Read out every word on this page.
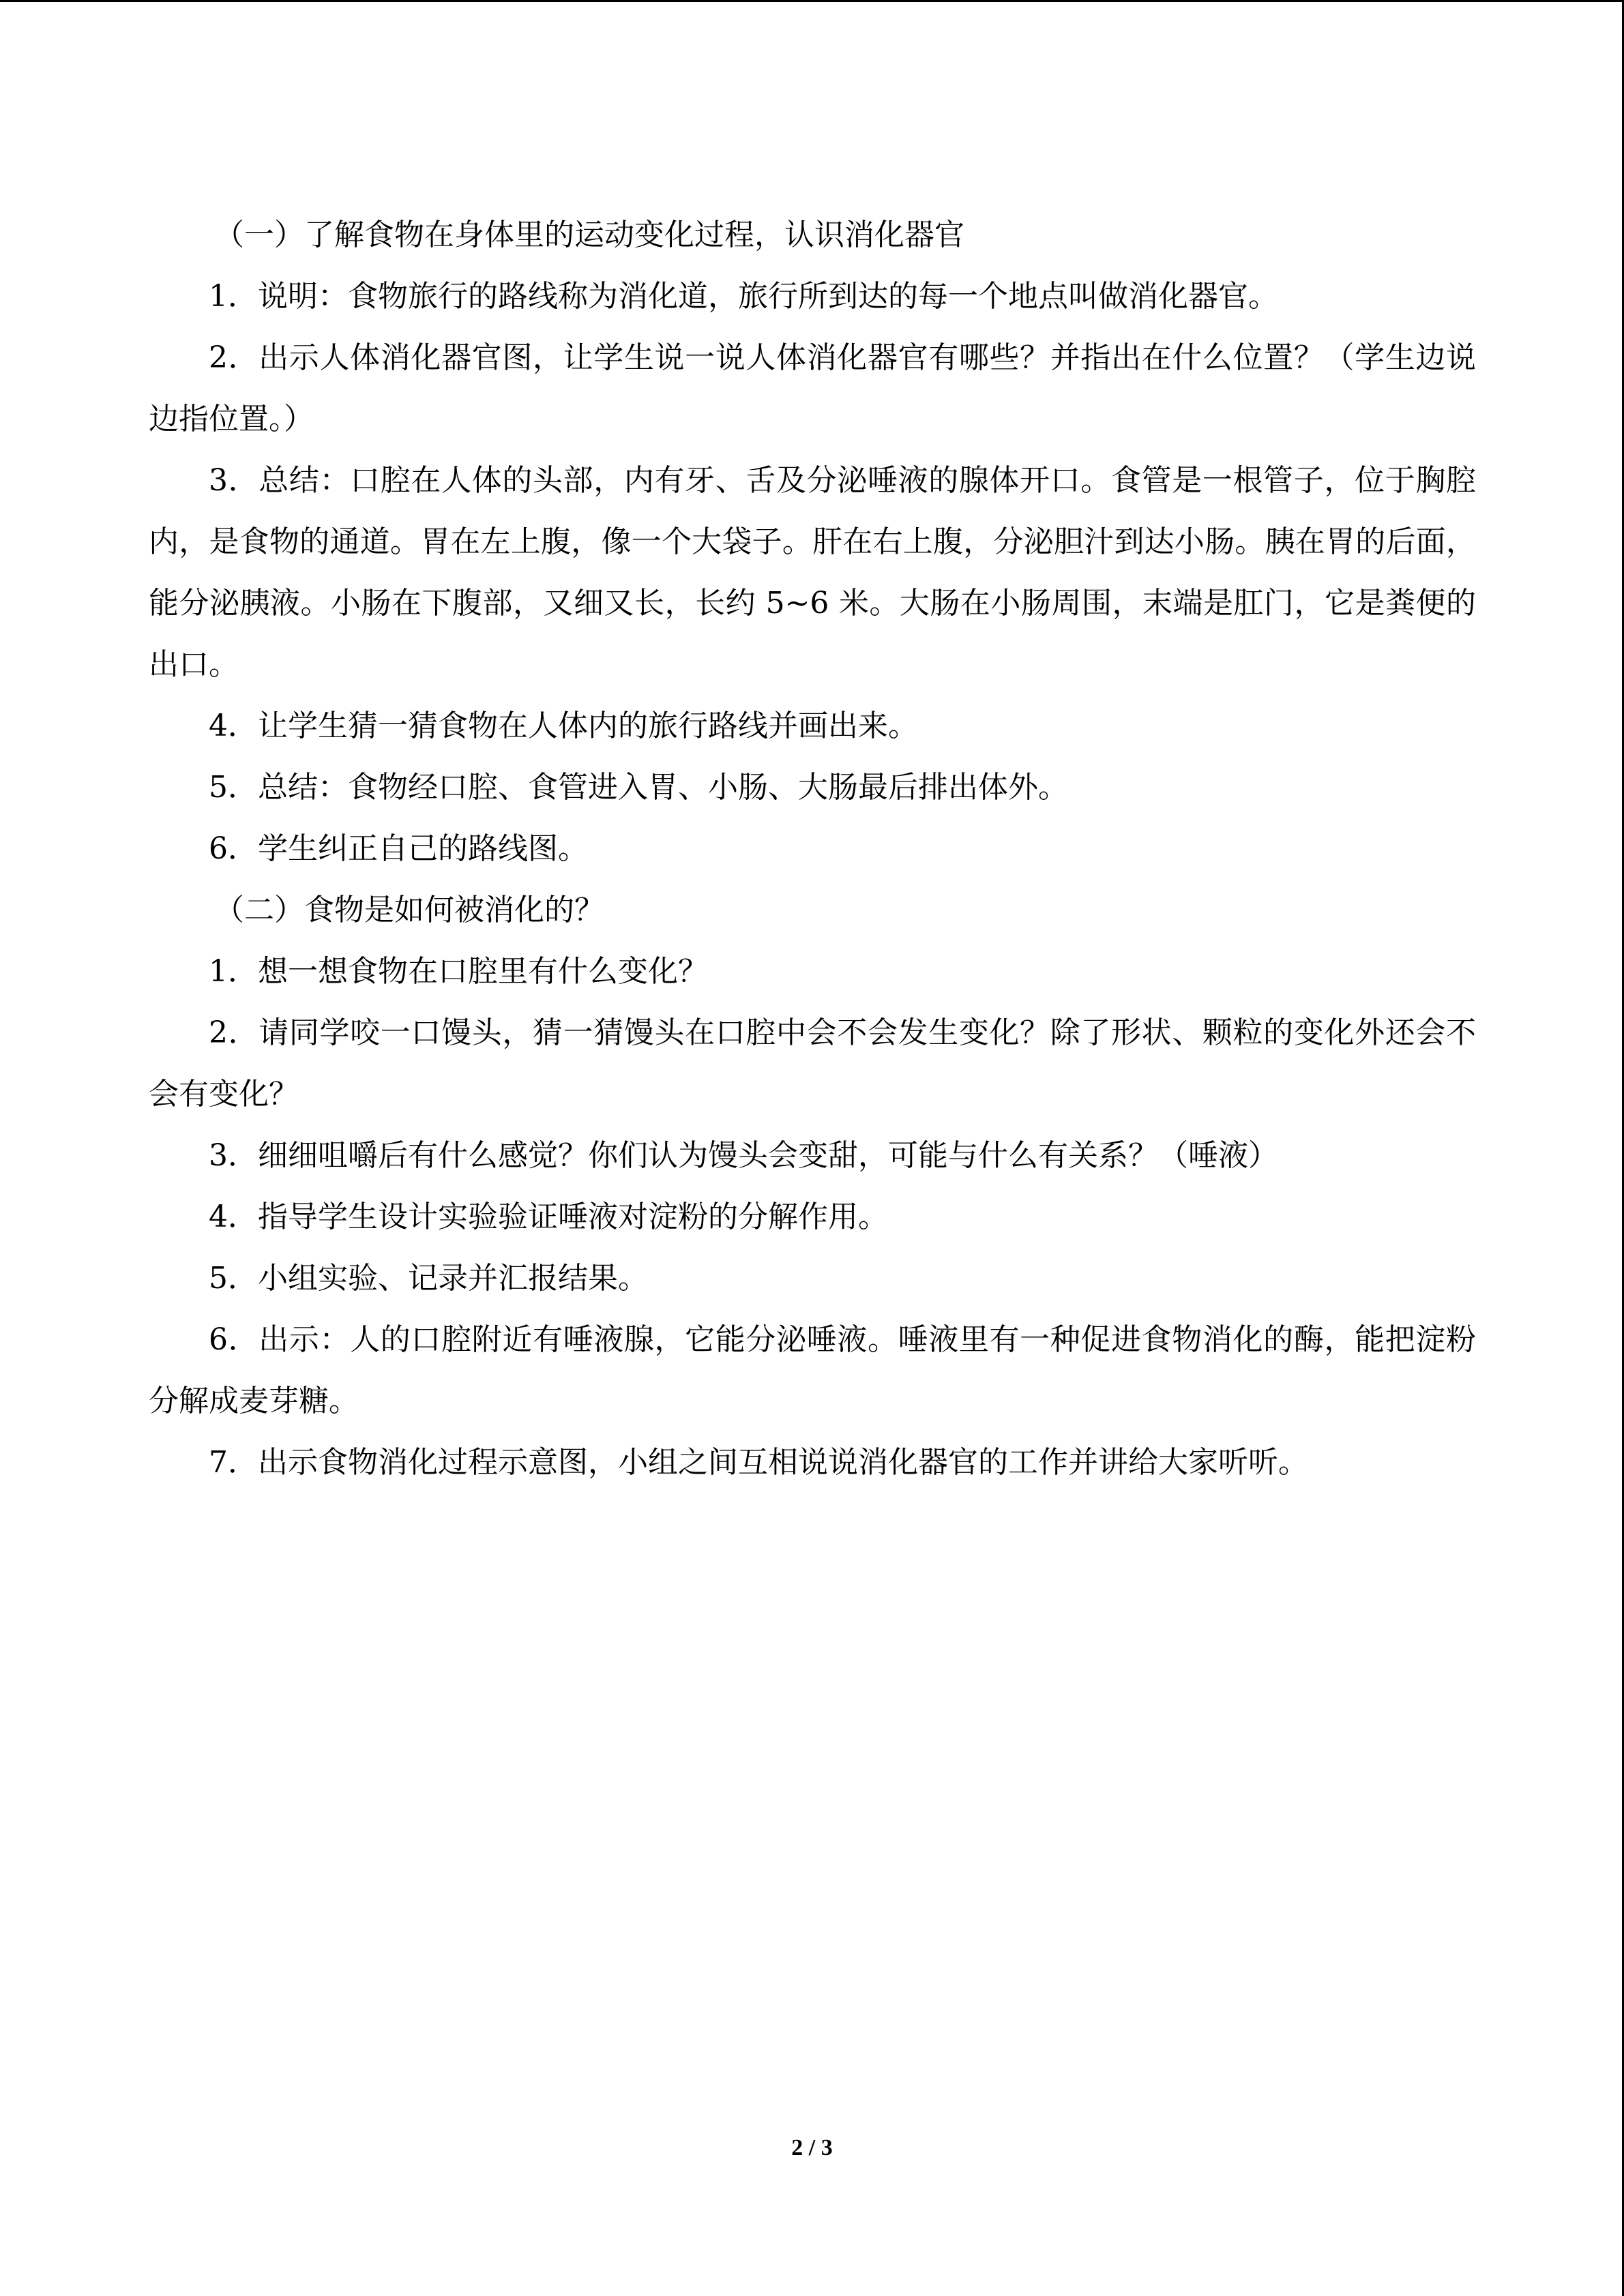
（一）了解食物在身体里的运动变化过程，认识消化器官

1．说明：食物旅行的路线称为消化道，旅行所到达的每一个地点叫做消化器官。

2．出示人体消化器官图，让学生说一说人体消化器官有哪些？并指出在什么位置？（学生边说边指位置。）

3．总结：口腔在人体的头部，内有牙、舌及分泌唾液的腺体开口。食管是一根管子，位于胸腔内，是食物的通道。胃在左上腹，像一个大袋子。肝在右上腹，分泌胆汁到达小肠。胰在胃的后面，能分泌胰液。小肠在下腹部，又细又长，长约 5~6 米。大肠在小肠周围，末端是肛门，它是粪便的出口。

4．让学生猜一猜食物在人体内的旅行路线并画出来。

5．总结：食物经口腔、食管进入胃、小肠、大肠最后排出体外。

6．学生纠正自己的路线图。

（二）食物是如何被消化的？

1．想一想食物在口腔里有什么变化？

2．请同学咬一口馒头，猜一猜馒头在口腔中会不会发生变化？除了形状、颗粒的变化外还会不会有变化？

3．细细咀嚼后有什么感觉？你们认为馒头会变甜，可能与什么有关系？（唾液）

4．指导学生设计实验验证唾液对淀粉的分解作用。

5．小组实验、记录并汇报结果。

6．出示：人的口腔附近有唾液腺，它能分泌唾液。唾液里有一种促进食物消化的酶，能把淀粉分解成麦芽糖。

7．出示食物消化过程示意图，小组之间互相说说消化器官的工作并讲给大家听听。

2 / 3
